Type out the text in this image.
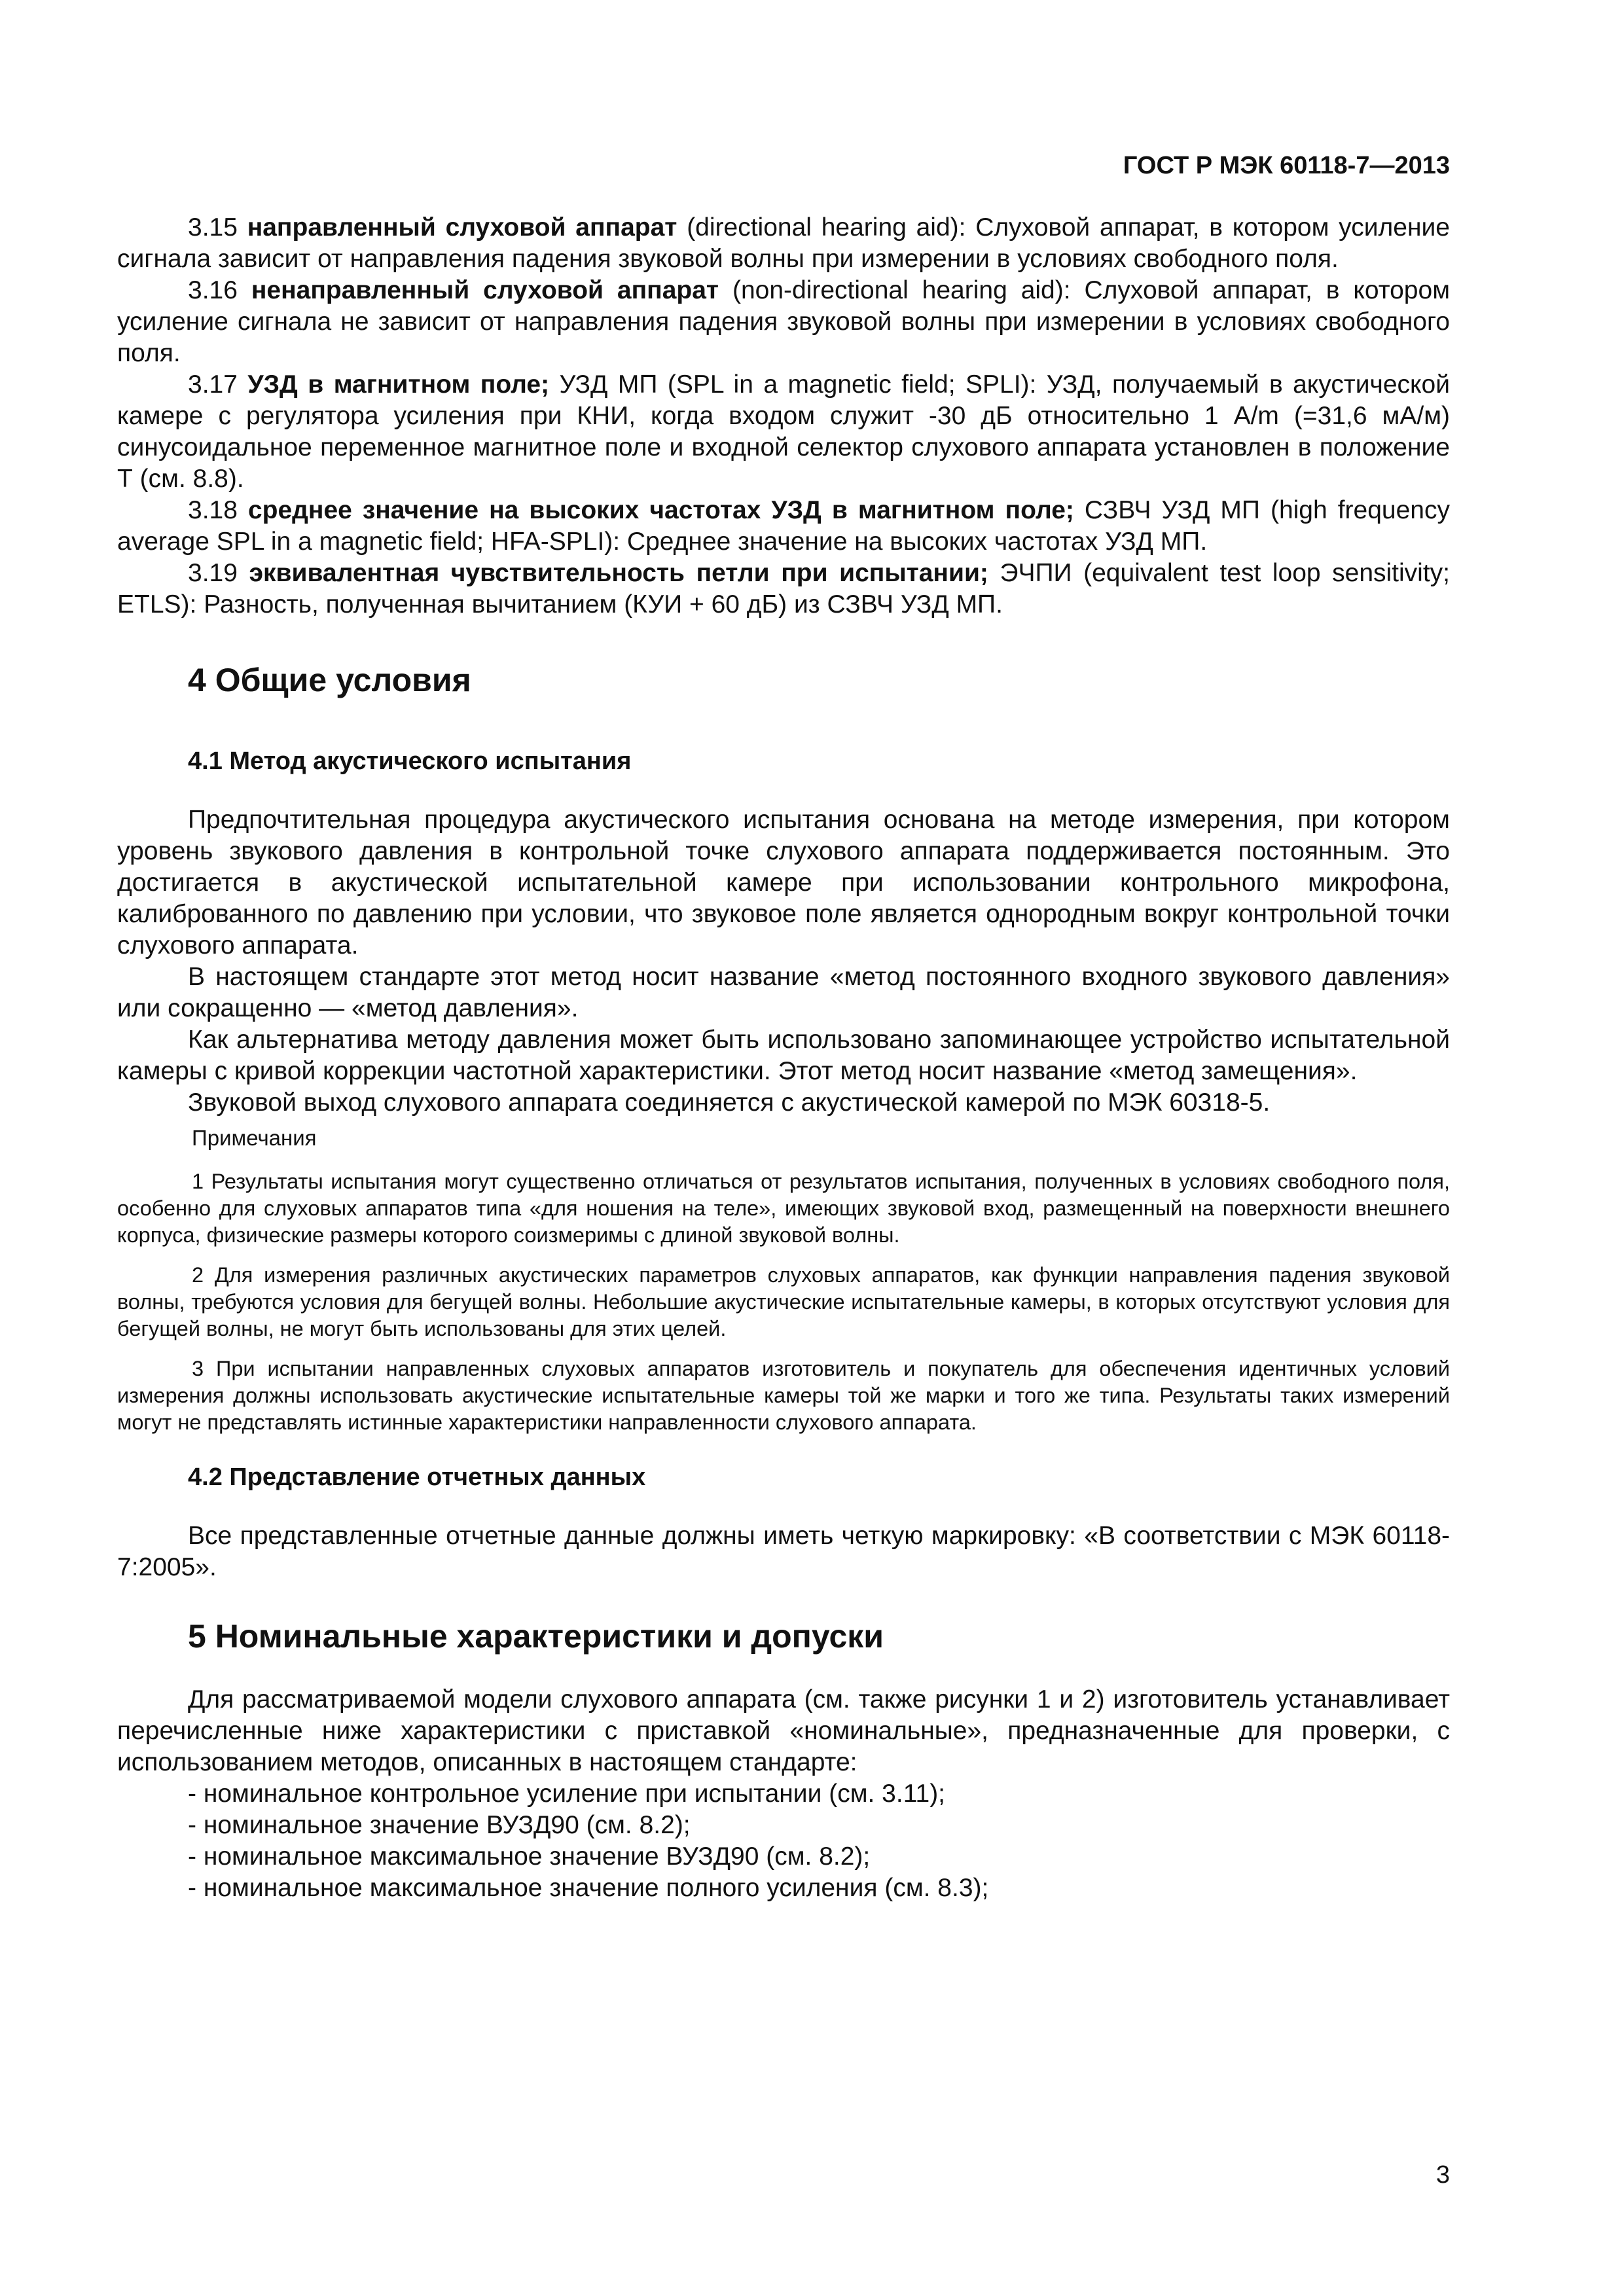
ГОСТ Р МЭК 60118-7—2013

3.15 направленный слуховой аппарат (directional hearing aid): Слуховой аппарат, в котором усиление сигнала зависит от направления падения звуковой волны при измерении в условиях свободного поля.

3.16 ненаправленный слуховой аппарат (non-directional hearing aid): Слуховой аппарат, в котором усиление сигнала не зависит от направления падения звуковой волны при измерении в условиях свободного поля.

3.17 УЗД в магнитном поле; УЗД МП (SPL in a magnetic field; SPLI): УЗД, получаемый в акустической камере с регулятора усиления при КНИ, когда входом служит -30 дБ относительно 1 А/m (=31,6 мА/м) синусоидальное переменное магнитное поле и входной селектор слухового аппарата установлен в положение Т (см. 8.8).

3.18 среднее значение на высоких частотах УЗД в магнитном поле; СЗВЧ УЗД МП (high frequency average SPL in a magnetic field; HFA-SPLI): Среднее значение на высоких частотах УЗД МП.

3.19 эквивалентная чувствительность петли при испытании; ЭЧПИ (equivalent test loop sensitivity; ETLS): Разность, полученная вычитанием (КУИ + 60 дБ) из СЗВЧ УЗД МП.

4 Общие условия
4.1 Метод акустического испытания

Предпочтительная процедура акустического испытания основана на методе измерения, при котором уровень звукового давления в контрольной точке слухового аппарата поддерживается постоянным. Это достигается в акустической испытательной камере при использовании контрольного микрофона, калиброванного по давлению при условии, что звуковое поле является однородным вокруг контрольной точки слухового аппарата.

В настоящем стандарте этот метод носит название «метод постоянного входного звукового давления» или сокращенно — «метод давления».

Как альтернатива методу давления может быть использовано запоминающее устройство испытательной камеры с кривой коррекции частотной характеристики. Этот метод носит название «метод замещения».

Звуковой выход слухового аппарата соединяется с акустической камерой по МЭК 60318-5.

Примечания

1 Результаты испытания могут существенно отличаться от результатов испытания, полученных в условиях свободного поля, особенно для слуховых аппаратов типа «для ношения на теле», имеющих звуковой вход, размещенный на поверхности внешнего корпуса, физические размеры которого соизмеримы с длиной звуковой волны.

2 Для измерения различных акустических параметров слуховых аппаратов, как функции направления падения звуковой волны, требуются условия для бегущей волны. Небольшие акустические испытательные камеры, в которых отсутствуют условия для бегущей волны, не могут быть использованы для этих целей.

3 При испытании направленных слуховых аппаратов изготовитель и покупатель для обеспечения идентичных условий измерения должны использовать акустические испытательные камеры той же марки и того же типа. Результаты таких измерений могут не представлять истинные характеристики направленности слухового аппарата.

4.2 Представление отчетных данных

Все представленные отчетные данные должны иметь четкую маркировку: «В соответствии с МЭК 60118-7:2005».

5 Номинальные характеристики и допуски

Для рассматриваемой модели слухового аппарата (см. также рисунки 1 и 2) изготовитель устанавливает перечисленные ниже характеристики с приставкой «номинальные», предназначенные для проверки, с использованием методов, описанных в настоящем стандарте:

- номинальное контрольное усиление при испытании (см. 3.11);

- номинальное значение ВУЗД90 (см. 8.2);

- номинальное максимальное значение ВУЗД90 (см. 8.2);

- номинальное максимальное значение полного усиления (см. 8.3);

3
